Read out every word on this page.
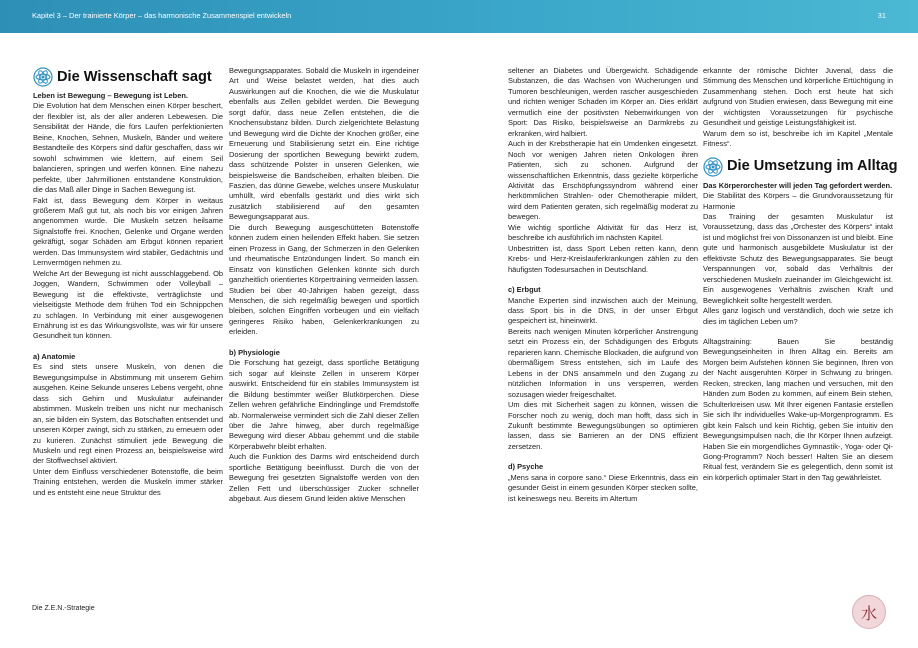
Kapitel 3 – Der trainierte Körper – das harmonische Zusammenspiel entwickeln	31
Die Wissenschaft sagt

Leben ist Bewegung – Bewegung ist Leben.

Die Evolution hat dem Menschen einen Körper beschert, der flexibler ist, als der aller anderen Lebewesen. Die Sensibilität der Hände, die fürs Laufen perfektionierten Beine, Knochen, Sehnen, Muskeln, Bänder und weitere Bestandteile des Körpers sind dafür geschaffen, dass wir sowohl schwimmen wie klettern, auf einem Seil balancieren, springen und werfen können. Eine nahezu perfekte, über Jahrmillionen entstandene Konstruktion, die das Maß aller Dinge in Sachen Bewegung ist.

Fakt ist, dass Bewegung dem Körper in weitaus größerem Maß gut tut, als noch bis vor einigen Jahren angenommen wurde. Die Muskeln setzen heilsame Signalstoffe frei. Knochen, Gelenke und Organe werden gekräftigt, sogar Schäden am Erbgut können repariert werden. Das Immunsystem wird stabiler, Gedächtnis und Lernvermögen nehmen zu.

Welche Art der Bewegung ist nicht ausschlaggebend. Ob Joggen, Wandern, Schwimmen oder Volleyball – Bewegung ist die effektivste, verträglichste und vielseitigste Methode dem frühen Tod ein Schnippchen zu schlagen. In Verbindung mit einer ausgewogenen Ernährung ist es das Wirkungsvollste, was wir für unsere Gesundheit tun können.

a) Anatomie

Es sind stets unsere Muskeln, von denen die Bewegungsimpulse in Abstimmung mit unserem Gehirn ausgehen. Keine Sekunde unseres Lebens vergeht, ohne dass sich Gehirn und Muskulatur aufeinander abstimmen. Muskeln treiben uns nicht nur mechanisch an, sie bilden ein System, das Botschaften entsendet und unseren Körper zwingt, sich zu stärken, zu erneuern oder zu kurieren. Zunächst stimuliert jede Bewegung die Muskeln und regt einen Prozess an, beispielsweise wird der Stoffwechsel aktiviert.

Unter dem Einfluss verschiedener Botenstoffe, die beim Training entstehen, werden die Muskeln immer stärker und es entsteht eine neue Struktur des

Bewegungsapparates. Sobald die Muskeln in irgendeiner Art und Weise belastet werden, hat dies auch Auswirkungen auf die Knochen, die wie die Muskulatur ebenfalls aus Zellen gebildet werden. Die Bewegung sorgt dafür, dass neue Zellen entstehen, die die Knochensubstanz bilden. Durch zielgerichtete Belastung und Bewegung wird die Dichte der Knochen größer, eine Erneuerung und Stabilisierung setzt ein. Eine richtige Dosierung der sportlichen Bewegung bewirkt zudem, dass schützende Polster in unseren Gelenken, wie beispielsweise die Bandscheiben, erhalten bleiben. Die Faszien, das dünne Gewebe, welches unsere Muskulatur umhüllt, wird ebenfalls gestärkt und dies wirkt sich zusätzlich stabilisierend auf den gesamten Bewegungsapparat aus.

Die durch Bewegung ausgeschütteten Botenstoffe können zudem einen heilenden Effekt haben. Sie setzen einen Prozess in Gang, der Schmerzen in den Gelenken und rheumatische Entzündungen lindert. So manch ein Einsatz von künstlichen Gelenken könnte sich durch ganzheitlich orientiertes Körpertraining vermeiden lassen. Studien bei über 40-Jährigen haben gezeigt, dass Menschen, die sich regelmäßig bewegen und sportlich bleiben, solchen Eingriffen vorbeugen und ein vielfach geringeres Risiko haben, Gelenkerkrankungen zu erleiden.

b) Physiologie

Die Forschung hat gezeigt, dass sportliche Betätigung sich sogar auf kleinste Zellen in unserem Körper auswirkt. Entscheidend für ein stabiles Immunsystem ist die Bildung bestimmter weißer Blutkörperchen. Diese Zellen wehren gefährliche Eindringlinge und Fremdstoffe ab. Normalerweise vermindert sich die Zahl dieser Zellen über die Jahre hinweg, aber durch regelmäßige Bewegung wird dieser Abbau gehemmt und die stabile Körperabwehr bleibt erhalten.

Auch die Funktion des Darms wird entscheidend durch sportliche Betätigung beeinflusst. Durch die von der Bewegung frei gesetzten Signalstoffe werden von den Zellen Fett und überschüssiger Zucker schneller abgebaut. Aus diesem Grund leiden aktive Menschen

seltener an Diabetes und Übergewicht. Schädigende Substanzen, die das Wachsen von Wucherungen und Tumoren beschleunigen, werden rascher ausgeschieden und richten weniger Schaden im Körper an. Dies erklärt vermutlich eine der positivsten Nebenwirkungen von Sport: Das Risiko, beispielsweise an Darmkrebs zu erkranken, wird halbiert.

Auch in der Krebstherapie hat ein Umdenken eingesetzt. Noch vor wenigen Jahren rieten Onkologen ihren Patienten, sich zu schonen. Aufgrund der wissenschaftlichen Erkenntnis, dass gezielte körperliche Aktivität das Erschöpfungssyndrom während einer herkömmlichen Strahlen- oder Chemotherapie mildert, wird dem Patienten geraten, sich regelmäßig moderat zu bewegen.

Wie wichtig sportliche Aktivität für das Herz ist, beschreibe ich ausführlich im nächsten Kapitel.

Unbestritten ist, dass Sport Leben retten kann, denn Krebs- und Herz-Kreislauferkrankungen zählen zu den häufigsten Todesursachen in Deutschland.

c) Erbgut

Manche Experten sind inzwischen auch der Meinung, dass Sport bis in die DNS, in der unser Erbgut gespeichert ist, hineinwirkt.

Bereits nach wenigen Minuten körperlicher Anstrengung setzt ein Prozess ein, der Schädigungen des Erbguts reparieren kann. Chemische Blockaden, die aufgrund von übermäßigem Stress entstehen, sich im Laufe des Lebens in der DNS ansammeln und den Zugang zu nützlichen Information in uns versperren, werden sozusagen wieder freigeschaltet.

Um dies mit Sicherheit sagen zu können, wissen die Forscher noch zu wenig, doch man hofft, dass sich in Zukunft bestimmte Bewegungsübungen so optimieren lassen, dass sie Barrieren an der DNS effizient zersetzen.

d) Psyche

„Mens sana in corpore sano.“ Diese Erkenntnis, dass ein gesunder Geist in einem gesunden Körper stecken sollte, ist keineswegs neu. Bereits im Altertum

erkannte der römische Dichter Juvenal, dass die Stimmung des Menschen und körperliche Ertüchtigung in Zusammenhang stehen. Doch erst heute hat sich aufgrund von Studien erwiesen, dass Bewegung mit eine der wichtigsten Voraussetzungen für psychische Gesundheit und geistige Leistungsfähigkeit ist.

Warum dem so ist, beschreibe ich im Kapitel „Mentale Fitness“.

Die Umsetzung im Alltag

Das Körperorchester will jeden Tag gefordert werden.

Die Stabilität des Körpers – die Grundvoraussetzung für Harmonie

Das Training der gesamten Muskulatur ist Voraussetzung, dass das „Orchester des Körpers“ intakt ist und möglichst frei von Dissonanzen ist und bleibt. Eine gute und harmonisch ausgebildete Muskulatur ist der effektivste Schutz des Bewegungsapparates. Sie beugt Verspannungen vor, sobald das Verhältnis der verschiedenen Muskeln zueinander im Gleichgewicht ist. Ein ausgewogenes Verhältnis zwischen Kraft und Beweglichkeit sollte hergestellt werden.

Alles ganz logisch und verständlich, doch wie setze ich dies im täglichen Leben um?

Alltagstraining: Bauen Sie beständig Bewegungseinheiten in Ihren Alltag ein. Bereits am Morgen beim Aufstehen können Sie beginnen, Ihren von der Nacht ausgeruhten Körper in Schwung zu bringen. Recken, strecken, lang machen und versuchen, mit den Händen zum Boden zu kommen, auf einem Bein stehen, Schulterkreisen usw. Mit Ihrer eigenen Fantasie erstellen Sie sich Ihr individuelles Wake-up-Morgenprogramm. Es gibt kein Falsch und kein Richtig, geben Sie intuitiv den Bewegungsimpulsen nach, die Ihr Körper Ihnen aufzeigt. Haben Sie ein morgendliches Gymnastik-, Yoga- oder Qi-Gong-Programm? Noch besser! Halten Sie an diesem Ritual fest, verändern Sie es gelegentlich, denn somit ist ein körperlich optimaler Start in den Tag gewährleistet.

Die Z.E.N.-Strategie	水
